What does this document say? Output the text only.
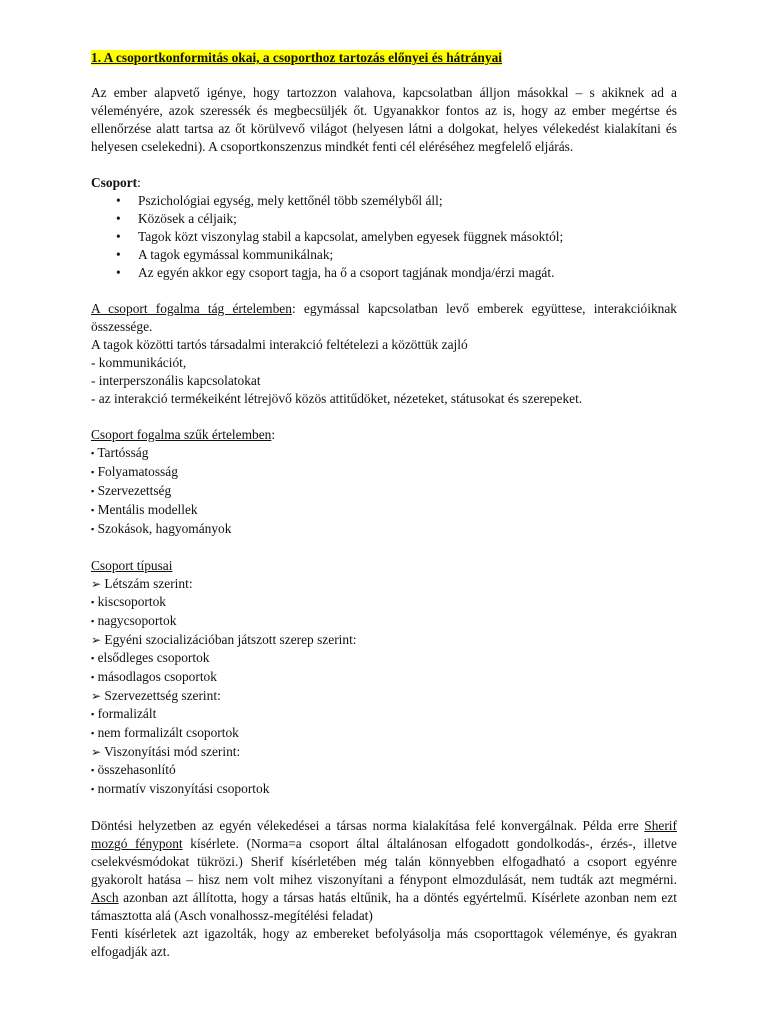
1. A csoportkonformitás okai, a csoporthoz tartozás előnyei és hátrányai

Az ember alapvető igénye, hogy tartozzon valahova, kapcsolatban álljon másokkal – s akiknek ad a véleményére, azok szeressék és megbecsüljék őt. Ugyanakkor fontos az is, hogy az ember megértse és ellenőrzése alatt tartsa az őt körülvevő világot (helyesen látni a dolgokat, helyes vélekedést kialakítani és helyesen cselekedni). A csoportkonszenzus mindkét fenti cél eléréséhez megfelelő eljárás.

Csoport:
• Pszichológiai egység, mely kettőnél több személyből áll;
• Közösek a céljaik;
• Tagok közt viszonylag stabil a kapcsolat, amelyben egyesek függnek másoktól;
• A tagok egymással kommunikálnak;
• Az egyén akkor egy csoport tagja, ha ő a csoport tagjának mondja/érzi magát.

A csoport fogalma tág értelemben: egymással kapcsolatban levő emberek együttese, interakcióiknak összessége.

A tagok közötti tartós társadalmi interakció feltételezi a közöttük zajló
- kommunikációt,
- interperszonális kapcsolatokat
- az interakció termékeiként létrejövő közös attitűdöket, nézeteket, státusokat és szerepeket.
Csoport fogalma szűk értelemben:
▪ Tartósság
▪ Folyamatosság
▪ Szervezettség
▪ Mentális modellek
▪ Szokások, hagyományok
Csoport típusai
➢ Létszám szerint:
▪ kiscsoportok
▪ nagycsoportok
➢ Egyéni szocializációban játszott szerep szerint:
▪ elsődleges csoportok
▪ másodlagos csoportok
➢ Szervezettség szerint:
▪ formalizált
▪ nem formalizált csoportok
➢ Viszonyítási mód szerint:
▪ összehasonlító
▪ normatív viszonyítási csoportok

Döntési helyzetben az egyén vélekedései a társas norma kialakítása felé konvergálnak. Példa erre Sherif mozgó fénypont kísérlete. (Norma=a csoport által általánosan elfogadott gondolkodás-, érzés-, illetve cselekvésmódokat tükrözi.) Sherif kísérletében még talán könnyebben elfogadható a csoport egyénre gyakorolt hatása – hisz nem volt mihez viszonyítani a fénypont elmozdulását, nem tudták azt megmérni. Asch azonban azt állította, hogy a társas hatás eltűnik, ha a döntés egyértelmű. Kísérlete azonban nem ezt támasztotta alá (Asch vonalhossz-megítélési feladat)

Fenti kísérletek azt igazolták, hogy az embereket befolyásolja más csoporttagok véleménye, és gyakran elfogadják azt.
